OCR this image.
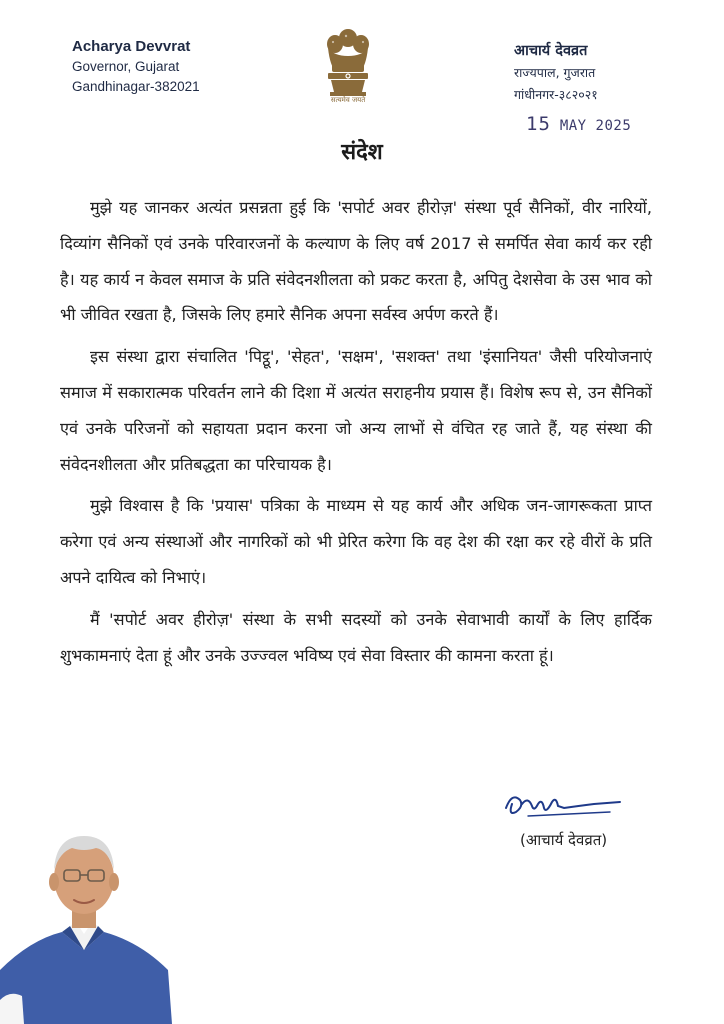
Acharya Devvrat
Governor, Gujarat
Gandhinagar-382021
सत्यमेव जयते
आचार्य देवव्रत
राज्यपाल, गुजरात
गांधीनगर-३८२०२१
15 MAY 2025
संदेश

मुझे यह जानकर अत्यंत प्रसन्नता हुई कि 'सपोर्ट अवर हीरोज़' संस्था पूर्व सैनिकों, वीर नारियों, दिव्यांग सैनिकों एवं उनके परिवारजनों के कल्याण के लिए वर्ष 2017 से समर्पित सेवा कार्य कर रही है। यह कार्य न केवल समाज के प्रति संवेदनशीलता को प्रकट करता है, अपितु देशसेवा के उस भाव को भी जीवित रखता है, जिसके लिए हमारे सैनिक अपना सर्वस्व अर्पण करते हैं।

इस संस्था द्वारा संचालित 'पिट्ठू', 'सेहत', 'सक्षम', 'सशक्त' तथा 'इंसानियत' जैसी परियोजनाएं समाज में सकारात्मक परिवर्तन लाने की दिशा में अत्यंत सराहनीय प्रयास हैं। विशेष रूप से, उन सैनिकों एवं उनके परिजनों को सहायता प्रदान करना जो अन्य लाभों से वंचित रह जाते हैं, यह संस्था की संवेदनशीलता और प्रतिबद्धता का परिचायक है।

मुझे विश्वास है कि 'प्रयास' पत्रिका के माध्यम से यह कार्य और अधिक जन-जागरूकता प्राप्त करेगा एवं अन्य संस्थाओं और नागरिकों को भी प्रेरित करेगा कि वह देश की रक्षा कर रहे वीरों के प्रति अपने दायित्व को निभाएं।

मैं 'सपोर्ट अवर हीरोज़' संस्था के सभी सदस्यों को उनके सेवाभावी कार्यों के लिए हार्दिक शुभकामनाएं देता हूं और उनके उज्ज्वल भविष्य एवं सेवा विस्तार की कामना करता हूं।

(आचार्य देवव्रत)
